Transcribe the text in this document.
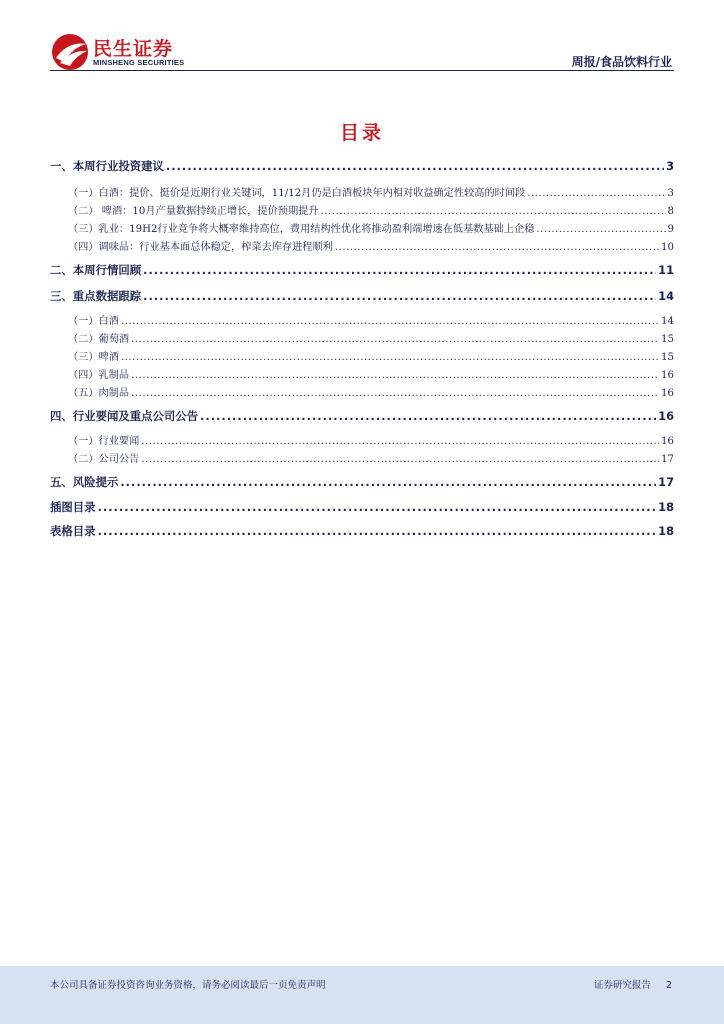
民生证券
MINSHENG SECURITIES	周报/食品饮料行业
目录
一、本周行业投资建议 .....	3
（一）白酒：提价、挺价是近期行业关键词，11/12月仍是白酒板块年内相对收益确定性较高的时间段 .....	3
（二） 啤酒：10月产量数据持续正增长，提价预期提升 .....	8
（三）乳业：19H2行业竞争将大概率维持高位，费用结构性优化将推动盈利端增速在低基数基础上企稳 .....	9
（四）调味品：行业基本面总体稳定，榨菜去库存进程顺利 .....	10
二、本周行情回顾 .....	11
三、重点数据跟踪 .....	14
（一）白酒 .....	14
（二）葡萄酒 .....	15
（三）啤酒 .....	15
（四）乳制品 .....	16
（五）肉制品 .....	16
四、行业要闻及重点公司公告 .....	16
（一）行业要闻 .....	16
（二）公司公告 .....	17
五、风险提示 .....	17
插图目录 .....	18
表格目录 .....	18
本公司具备证券投资咨询业务资格，请务必阅读最后一页免责声明	证券研究报告 2
